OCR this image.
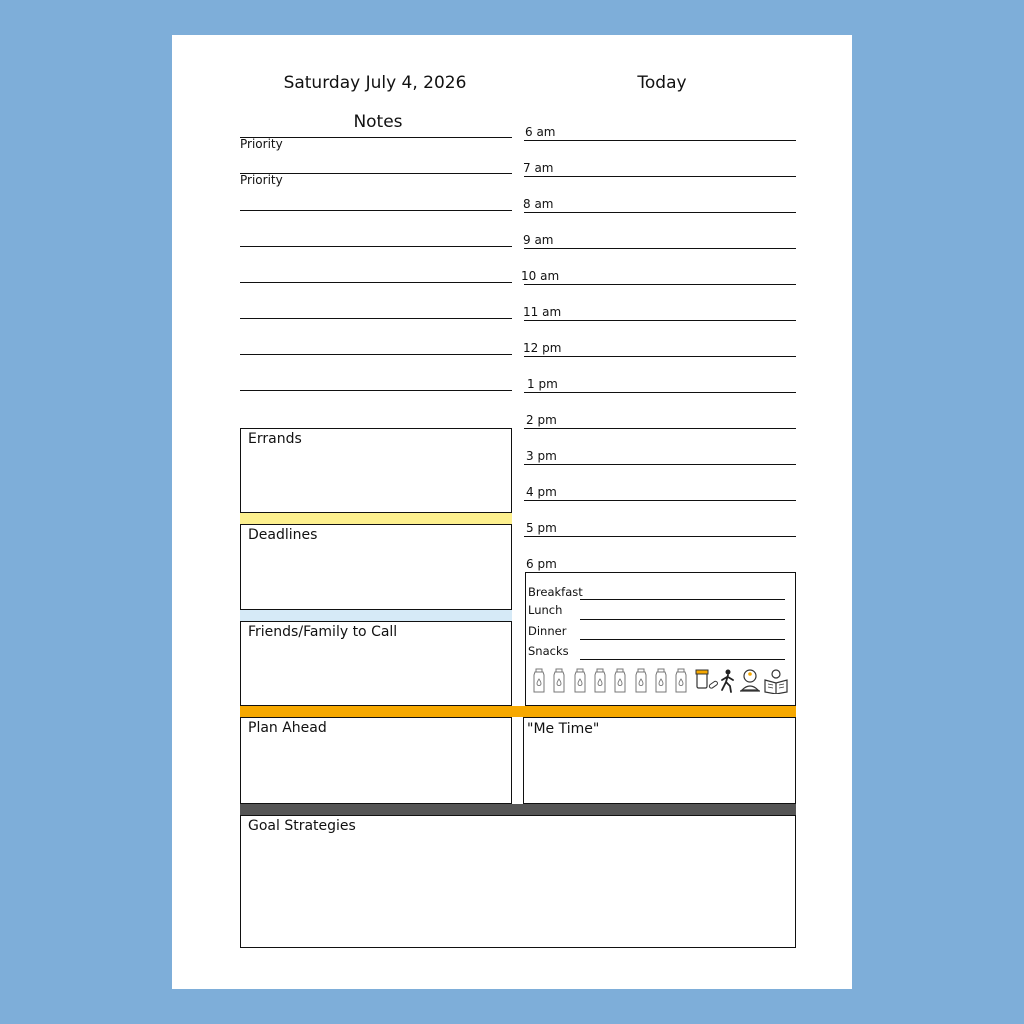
Saturday July 4, 2026	Today
Notes
Priority
Priority
6 am
7 am
8 am
9 am
10 am
11 am
12 pm
1 pm
2 pm
3 pm
4 pm
5 pm
6 pm
Errands
Deadlines
Friends/Family to Call
Breakfast
Lunch
Dinner
Snacks
Plan Ahead	"Me Time"
Goal Strategies
